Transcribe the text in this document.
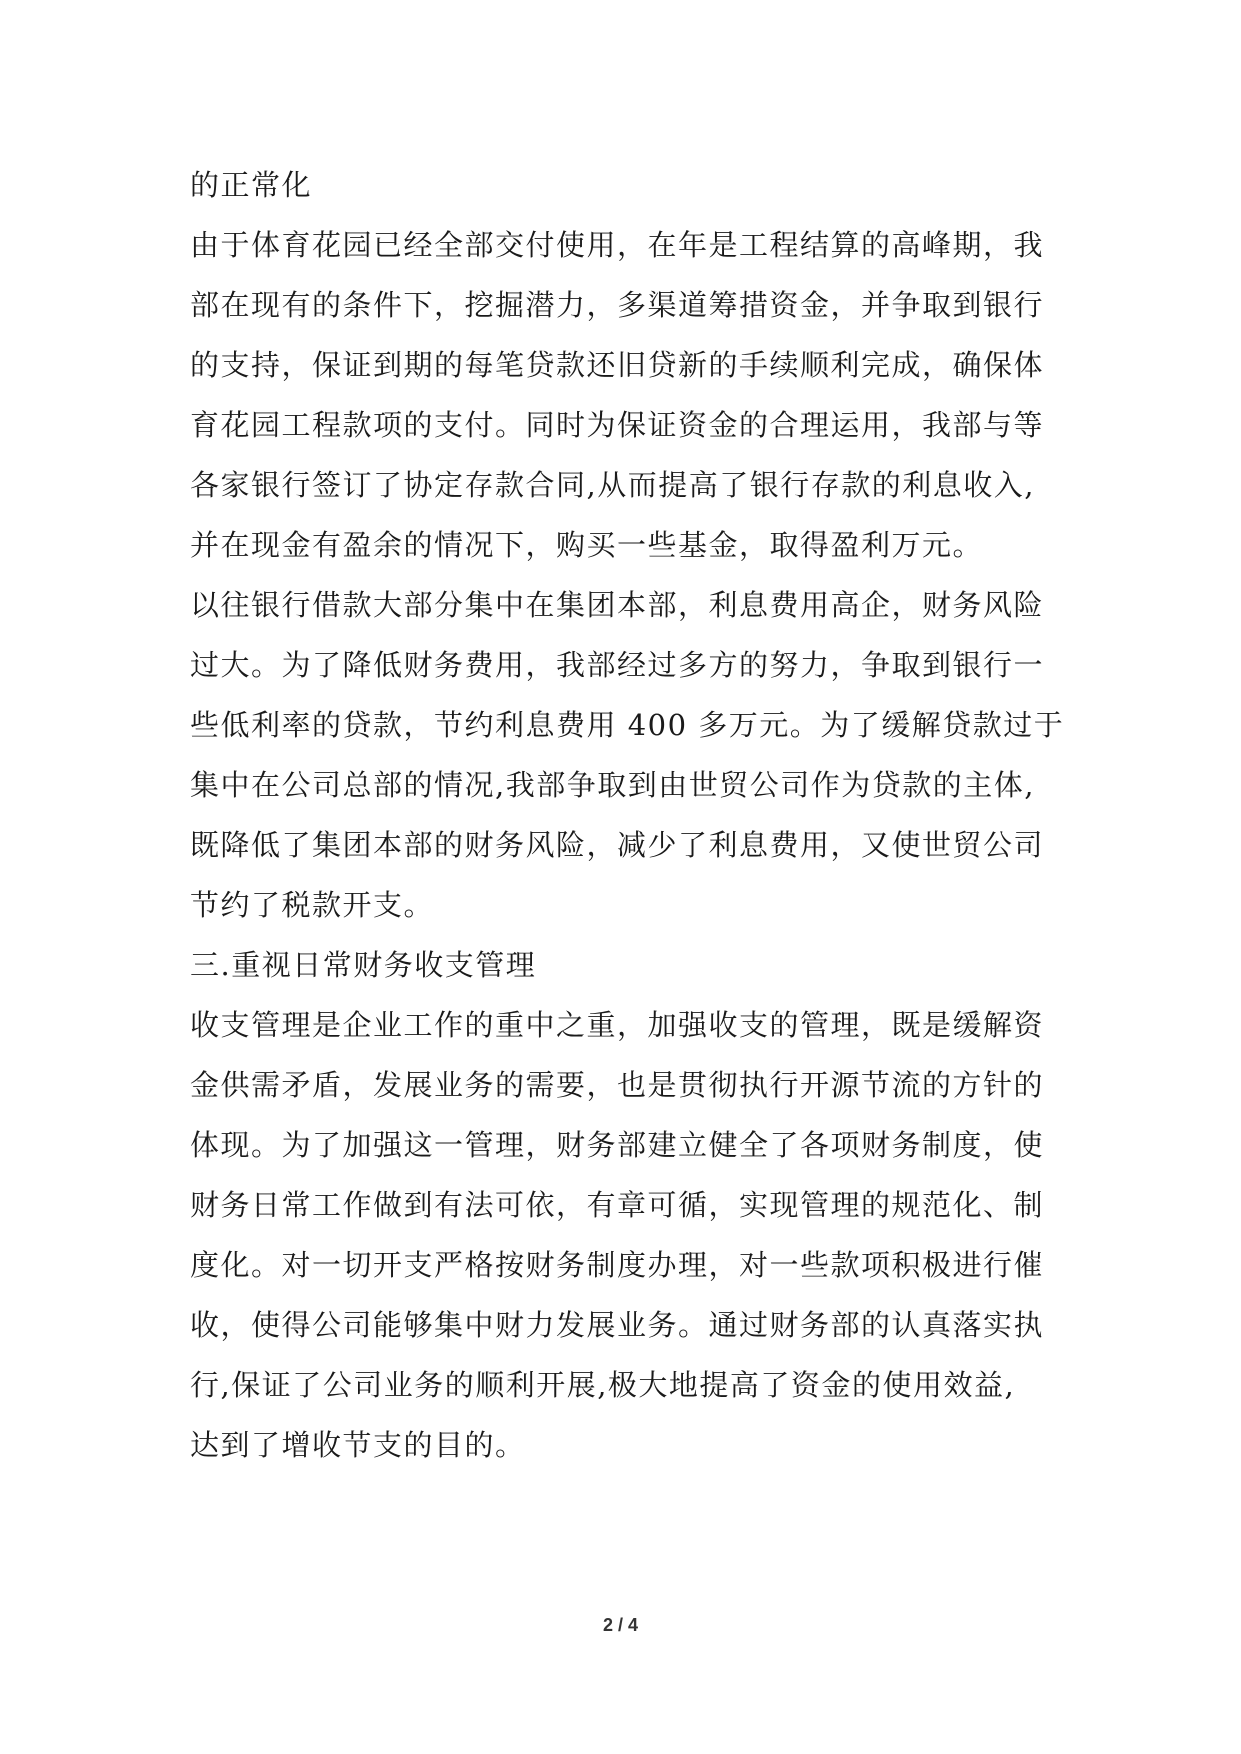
的正常化
由于体育花园已经全部交付使用，在年是工程结算的高峰期，我
部在现有的条件下，挖掘潜力，多渠道筹措资金，并争取到银行
的支持，保证到期的每笔贷款还旧贷新的手续顺利完成，确保体
育花园工程款项的支付。同时为保证资金的合理运用，我部与等
各家银行签订了协定存款合同,从而提高了银行存款的利息收入,
并在现金有盈余的情况下，购买一些基金，取得盈利万元。
以往银行借款大部分集中在集团本部，利息费用高企，财务风险
过大。为了降低财务费用，我部经过多方的努力，争取到银行一
些低利率的贷款，节约利息费用 400 多万元。为了缓解贷款过于
集中在公司总部的情况,我部争取到由世贸公司作为贷款的主体,
既降低了集团本部的财务风险，减少了利息费用，又使世贸公司
节约了税款开支。
三.重视日常财务收支管理
收支管理是企业工作的重中之重，加强收支的管理，既是缓解资
金供需矛盾，发展业务的需要，也是贯彻执行开源节流的方针的
体现。为了加强这一管理，财务部建立健全了各项财务制度，使
财务日常工作做到有法可依，有章可循，实现管理的规范化、制
度化。对一切开支严格按财务制度办理，对一些款项积极进行催
收，使得公司能够集中财力发展业务。通过财务部的认真落实执
行,保证了公司业务的顺利开展,极大地提高了资金的使用效益,
达到了增收节支的目的。
2 / 4
